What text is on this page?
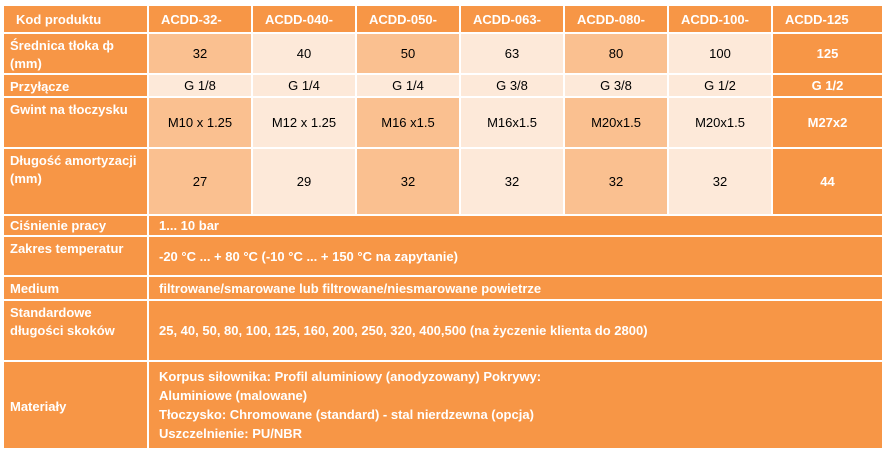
Kod produktu	ACDD-32-	ACDD-040-	ACDD-050-	ACDD-063-	ACDD-080-	ACDD-100-	ACDD-125
Średnica tłoka ф (mm)	32	40	50	63	80	100	125
Przyłącze	G 1/8	G 1/4	G 1/4	G 3/8	G 3/8	G 1/2	G 1/2
Gwint na tłoczysku	M10 x 1.25	M12 x 1.25	M16 x1.5	M16x1.5	M20x1.5	M20x1.5	M27x2
Długość amortyzacji (mm)	27	29	32	32	32	32	44
Ciśnienie pracy	1... 10 bar						
Zakres temperatur	-20 °C ... + 80 °C (-10 °C ... + 150 °C na zapytanie)						
Medium	filtrowane/smarowane lub filtrowane/niesmarowane powietrze						
Standardowe długości skoków	25, 40, 50, 80, 100, 125, 160, 200, 250, 320, 400,500 (na życzenie klienta do 2800)						
Materiały	Korpus siłownika: Profil aluminiowy (anodyzowany) Pokrywy:
Aluminiowe (malowane)
Tłoczysko: Chromowane (standard) - stal nierdzewna (opcja)
Uszczelnienie: PU/NBR						
